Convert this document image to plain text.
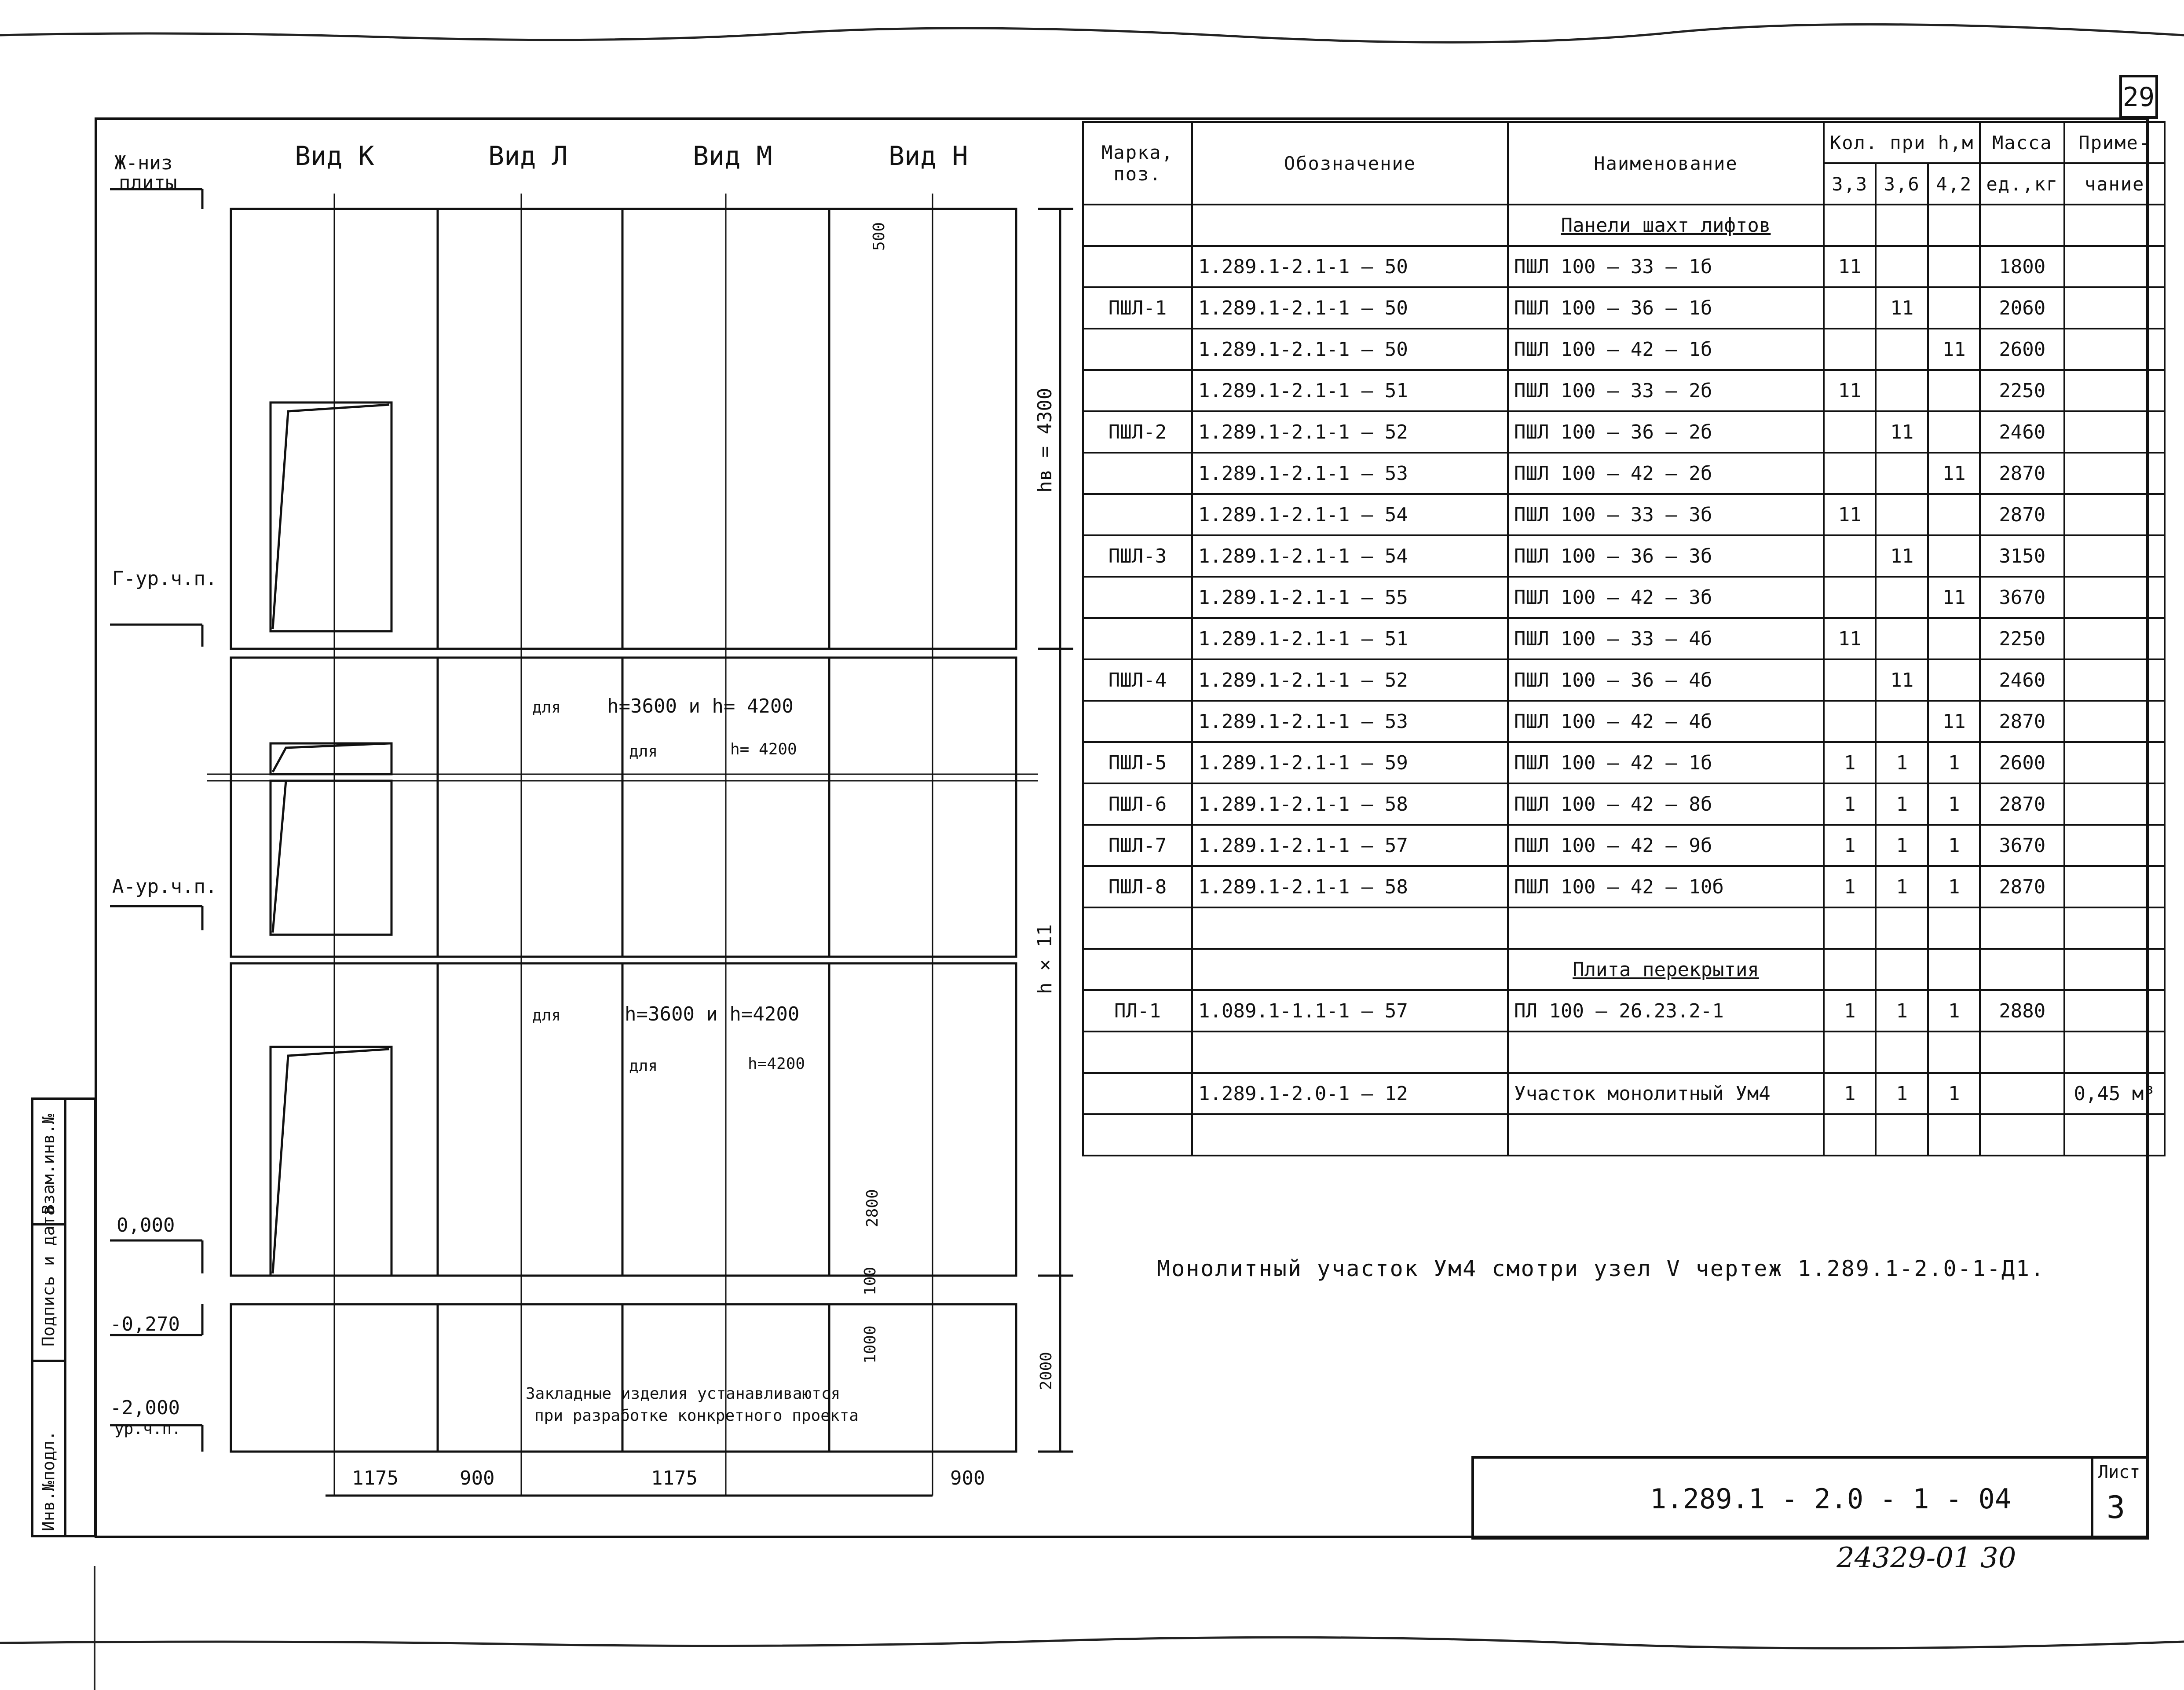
29
Взам.инв.№
Подпись и дата
Инв.№подл.
Вид К	Вид Л	Вид М	Вид Н
Ж-низ
плиты
Г-ур.ч.п.
А-ур.ч.п.
0,000
-0,270
-2,000
ур.ч.п.
500
hв = 4300
h × 11
2800
100
1000
2000
1175	900	1175	900
для h=3600 и h= 4200
для	h= 4200
для	h=3600 и h=4200
для	h=4200
Закладные изделия устанавливаются
при разработке конкретного проекта
Марка,
поз.	Обозначение	Наименование	Кол. при h,м			Масса	Приме-
			3,3	3,6	4,2	ед.,кг	чание
		Панели шахт лифтов					
	1.289.1-2.1-1 — 50	ПШЛ 100 — 33 — 1б	11			1800	
ПШЛ-1	1.289.1-2.1-1 — 50	ПШЛ 100 — 36 — 1б		11		2060	
	1.289.1-2.1-1 — 50	ПШЛ 100 — 42 — 1б			11	2600	
	1.289.1-2.1-1 — 51	ПШЛ 100 — 33 — 2б	11			2250	
ПШЛ-2	1.289.1-2.1-1 — 52	ПШЛ 100 — 36 — 2б		11		2460	
	1.289.1-2.1-1 — 53	ПШЛ 100 — 42 — 2б			11	2870	
	1.289.1-2.1-1 — 54	ПШЛ 100 — 33 — 3б	11			2870	
ПШЛ-3	1.289.1-2.1-1 — 54	ПШЛ 100 — 36 — 3б		11		3150	
	1.289.1-2.1-1 — 55	ПШЛ 100 — 42 — 3б			11	3670	
	1.289.1-2.1-1 — 51	ПШЛ 100 — 33 — 4б	11			2250	
ПШЛ-4	1.289.1-2.1-1 — 52	ПШЛ 100 — 36 — 4б		11		2460	
	1.289.1-2.1-1 — 53	ПШЛ 100 — 42 — 4б			11	2870	
ПШЛ-5	1.289.1-2.1-1 — 59	ПШЛ 100 — 42 — 1б	1	1	1	2600	
ПШЛ-6	1.289.1-2.1-1 — 58	ПШЛ 100 — 42 — 8б	1	1	1	2870	
ПШЛ-7	1.289.1-2.1-1 — 57	ПШЛ 100 — 42 — 9б	1	1	1	3670	
ПШЛ-8	1.289.1-2.1-1 — 58	ПШЛ 100 — 42 — 10б	1	1	1	2870	

		Плита перекрытия					
ПЛ-1	1.089.1-1.1-1 — 57	ПЛ 100 — 26.23.2-1	1	1	1	2880	

	1.289.1-2.0-1 — 12	Участок монолитный Ум4	1	1	1		0,45 м³

Монолитный участок Ум4 смотри узел V чертеж 1.289.1-2.0-1-Д1.
1.289.1 - 2.0 - 1 - 04
Лист
3
24329-01 30
